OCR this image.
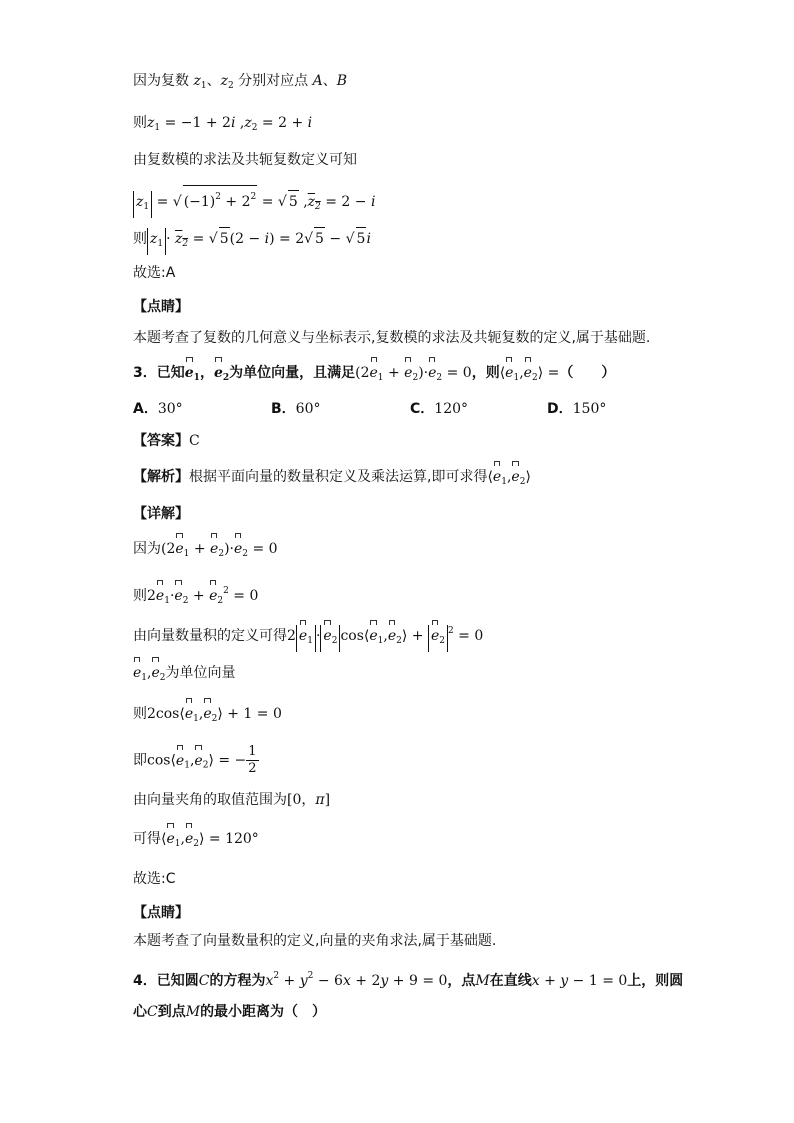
因为复数 $z_1$、$z_2$ 分别对应点 A、B
则$z_1 = -1 + 2i$ $,z_2 = 2 + i$
由复数模的求法及共轭复数定义可知
$z_1$ = √ $(-1)^2 + 2^2$ = √ 5 $,z_2 = 2 - i$
则 $z_1 \cdot z_2$ = √ 5(2 − i) = 2√ 5 − √ 5i
故选:A
【点睛】
本题考查了复数的几何意义与坐标表示,复数模的求法及共轭复数的定义,属于基础题.
3．已知$e_1$，$e_2$为单位向量，且满足$(2e_1 + e_2)\cdot e_2 = 0$，则$⟨e_1,e_2⟩$ =（　　）
A．30°	B．60°	C．120°	D．150°
【答案】C
【解析】根据平面向量的数量积定义及乘法运算,即可求得$⟨e_1,e_2⟩$
【详解】
因为$(2e_1 + e_2)\cdot e_2 = 0$
则$2e_1\cdot e_2 + e_2^2 = 0$
由向量数量积的定义可得2 $e_1 \cdot e_2$ $\cos⟨e_1,e_2⟩ + e_2^2 = 0$
$e_1,e_2$为单位向量
则$2\cos⟨e_1,e_2⟩ + 1 = 0$
即$\cos⟨e_1,e_2⟩$ = − $\frac{1}{2}$
由向量夹角的取值范围为[0，π]
可得$⟨e_1,e_2⟩ = 120^\circ$
故选:C
【点睛】
本题考查了向量数量积的定义,向量的夹角求法,属于基础题.
4．已知圆C的方程为$x^2 + y^2 - 6x + 2y + 9 = 0$，点M在直线x + y − 1 = 0上，则圆
心C到点M的最小距离为（　）
